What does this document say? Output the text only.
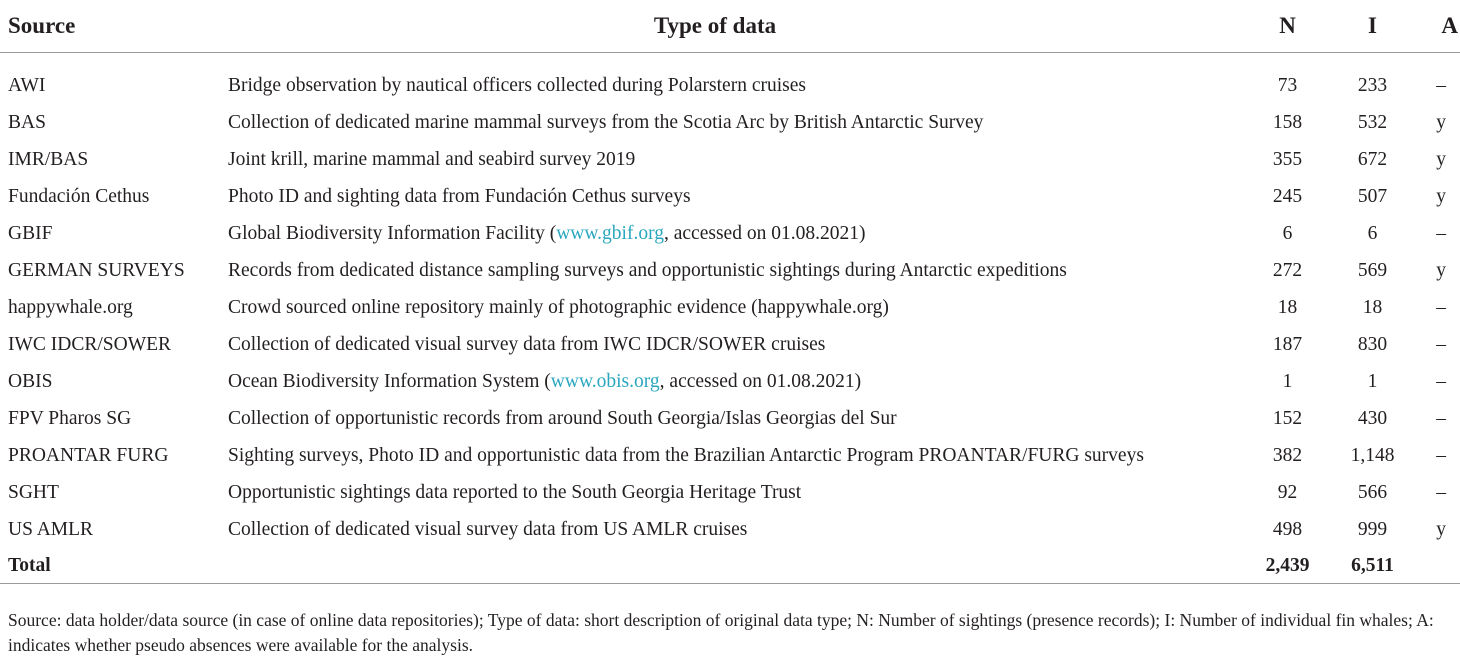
Source	Type of data	N	I	A

AWI	Bridge observation by nautical officers collected during Polarstern cruises	73	233	–
BAS	Collection of dedicated marine mammal surveys from the Scotia Arc by British Antarctic Survey	158	532	y
IMR/BAS	Joint krill, marine mammal and seabird survey 2019	355	672	y
Fundación Cethus	Photo ID and sighting data from Fundación Cethus surveys	245	507	y
GBIF	Global Biodiversity Information Facility (www.gbif.org, accessed on 01.08.2021)	6	6	–
GERMAN SURVEYS	Records from dedicated distance sampling surveys and opportunistic sightings during Antarctic expeditions	272	569	y
happywhale.org	Crowd sourced online repository mainly of photographic evidence (happywhale.org)	18	18	–
IWC IDCR/SOWER	Collection of dedicated visual survey data from IWC IDCR/SOWER cruises	187	830	–
OBIS	Ocean Biodiversity Information System (www.obis.org, accessed on 01.08.2021)	1	1	–
FPV Pharos SG	Collection of opportunistic records from around South Georgia/Islas Georgias del Sur	152	430	–
PROANTAR FURG	Sighting surveys, Photo ID and opportunistic data from the Brazilian Antarctic Program PROANTAR/FURG surveys	382	1,148	–
SGHT	Opportunistic sightings data reported to the South Georgia Heritage Trust	92	566	–
US AMLR	Collection of dedicated visual survey data from US AMLR cruises	498	999	y
Total		2,439	6,511	
Source: data holder/data source (in case of online data repositories); Type of data: short description of original data type; N: Number of sightings (presence records); I: Number of individual fin whales; A: indicates whether pseudo absences were available for the analysis.
